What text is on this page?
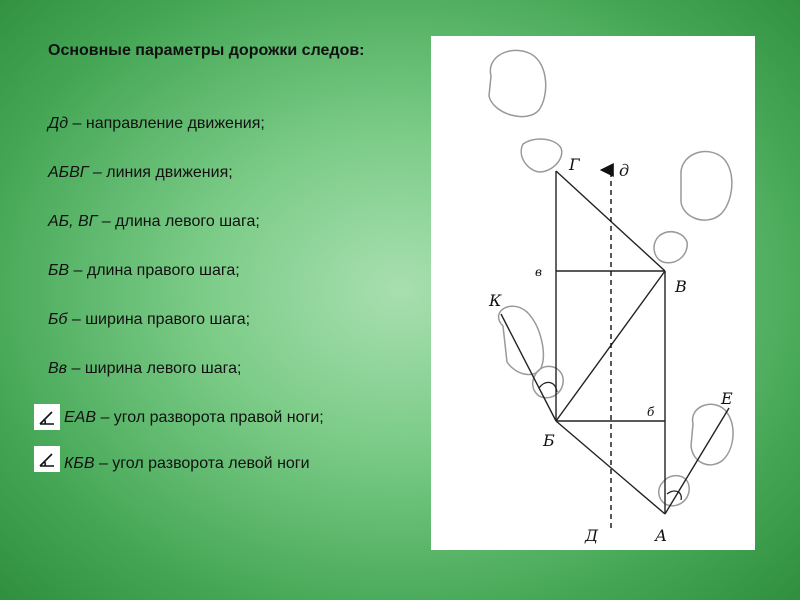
Основные параметры дорожки следов:
Дд – направление движения;
АБВГ – линия движения;
АБ, ВГ – длина левого шага;
БВ – длина правого шага;
Бб – ширина правого шага;
Вв – ширина левого шага;
ЕАВ – угол разворота правой ноги;
КБВ – угол разворота левой ноги
Г д
в
В
К
б
Е
Б
Д	А
